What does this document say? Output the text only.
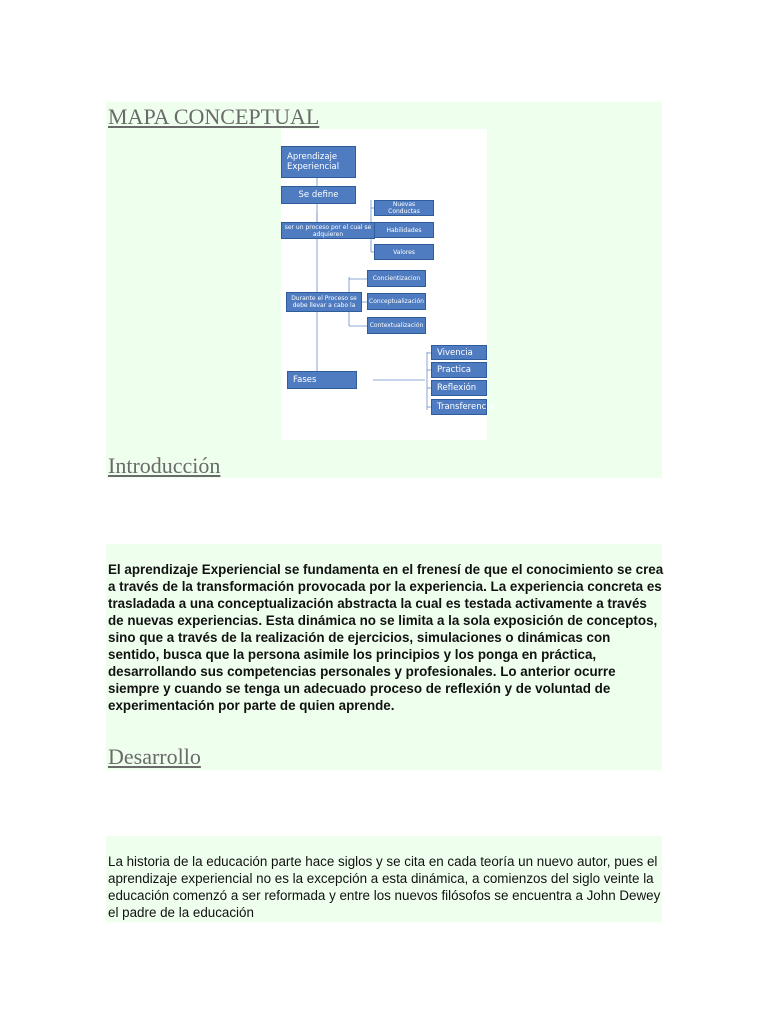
MAPA CONCEPTUAL
Introducción
Desarrollo
Aprendizaje Experiencial
Se define
ser un proceso por el cual se adquieren
Nuevas Conductas
Habilidades
Valores
Durante el Proceso se debe llevar a cabo la
Concientizacion
Conceptualización
Contextualización
Fases
Vivencia
Practica
Reflexión
Transferencia

El aprendizaje Experiencial se fundamenta en el frenesí de que el conocimiento se crea a través de la transformación provocada por la experiencia. La experiencia concreta es trasladada a una conceptualización abstracta la cual es testada activamente a través de nuevas experiencias. Esta dinámica no se limita a la sola exposición de conceptos, sino que a través de la realización de ejercicios, simulaciones o dinámicas con sentido, busca que la persona asimile los principios y los ponga en práctica, desarrollando sus competencias personales y profesionales. Lo anterior ocurre siempre y cuando se tenga un adecuado proceso de reflexión y de voluntad de experimentación por parte de quien aprende.

La historia de la educación parte hace siglos y se cita en cada teoría un nuevo autor, pues el aprendizaje experiencial no es la excepción a esta dinámica, a comienzos del siglo veinte la educación comenzó a ser reformada y entre los nuevos filósofos se encuentra a John Dewey el padre de la educación
